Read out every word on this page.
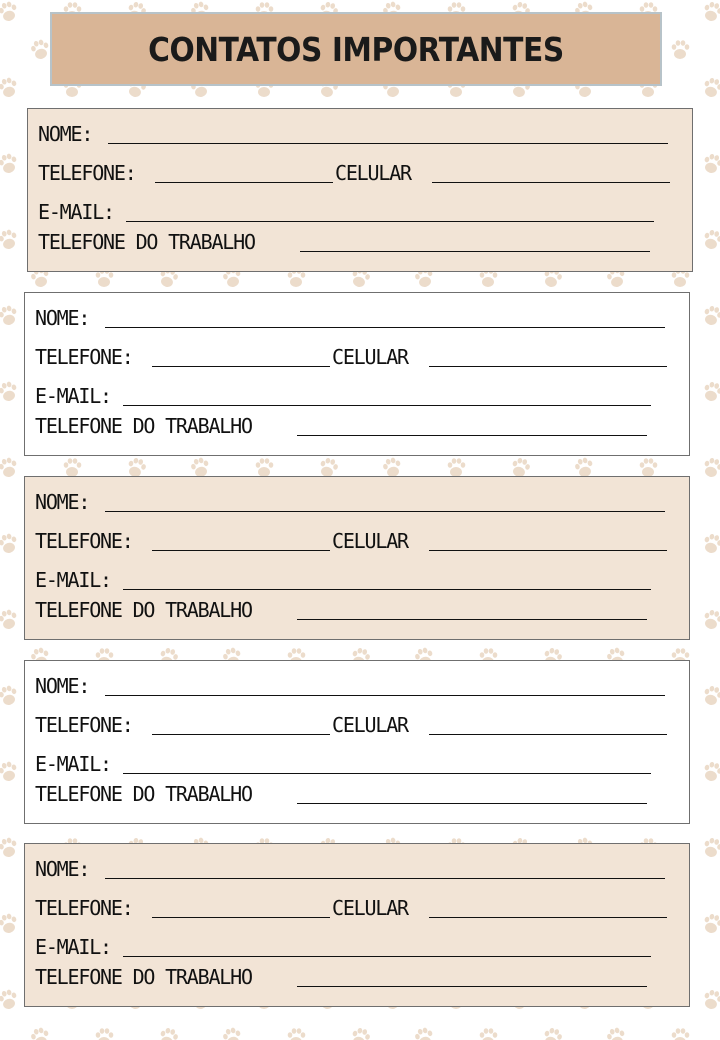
CONTATOS IMPORTANTES
NOME:
TELEFONE:	CELULAR
E-MAIL:
TELEFONE DO TRABALHO
NOME:
TELEFONE:	CELULAR
E-MAIL:
TELEFONE DO TRABALHO
NOME:
TELEFONE:	CELULAR
E-MAIL:
TELEFONE DO TRABALHO
NOME:
TELEFONE:	CELULAR
E-MAIL:
TELEFONE DO TRABALHO
NOME:
TELEFONE:	CELULAR
E-MAIL:
TELEFONE DO TRABALHO
